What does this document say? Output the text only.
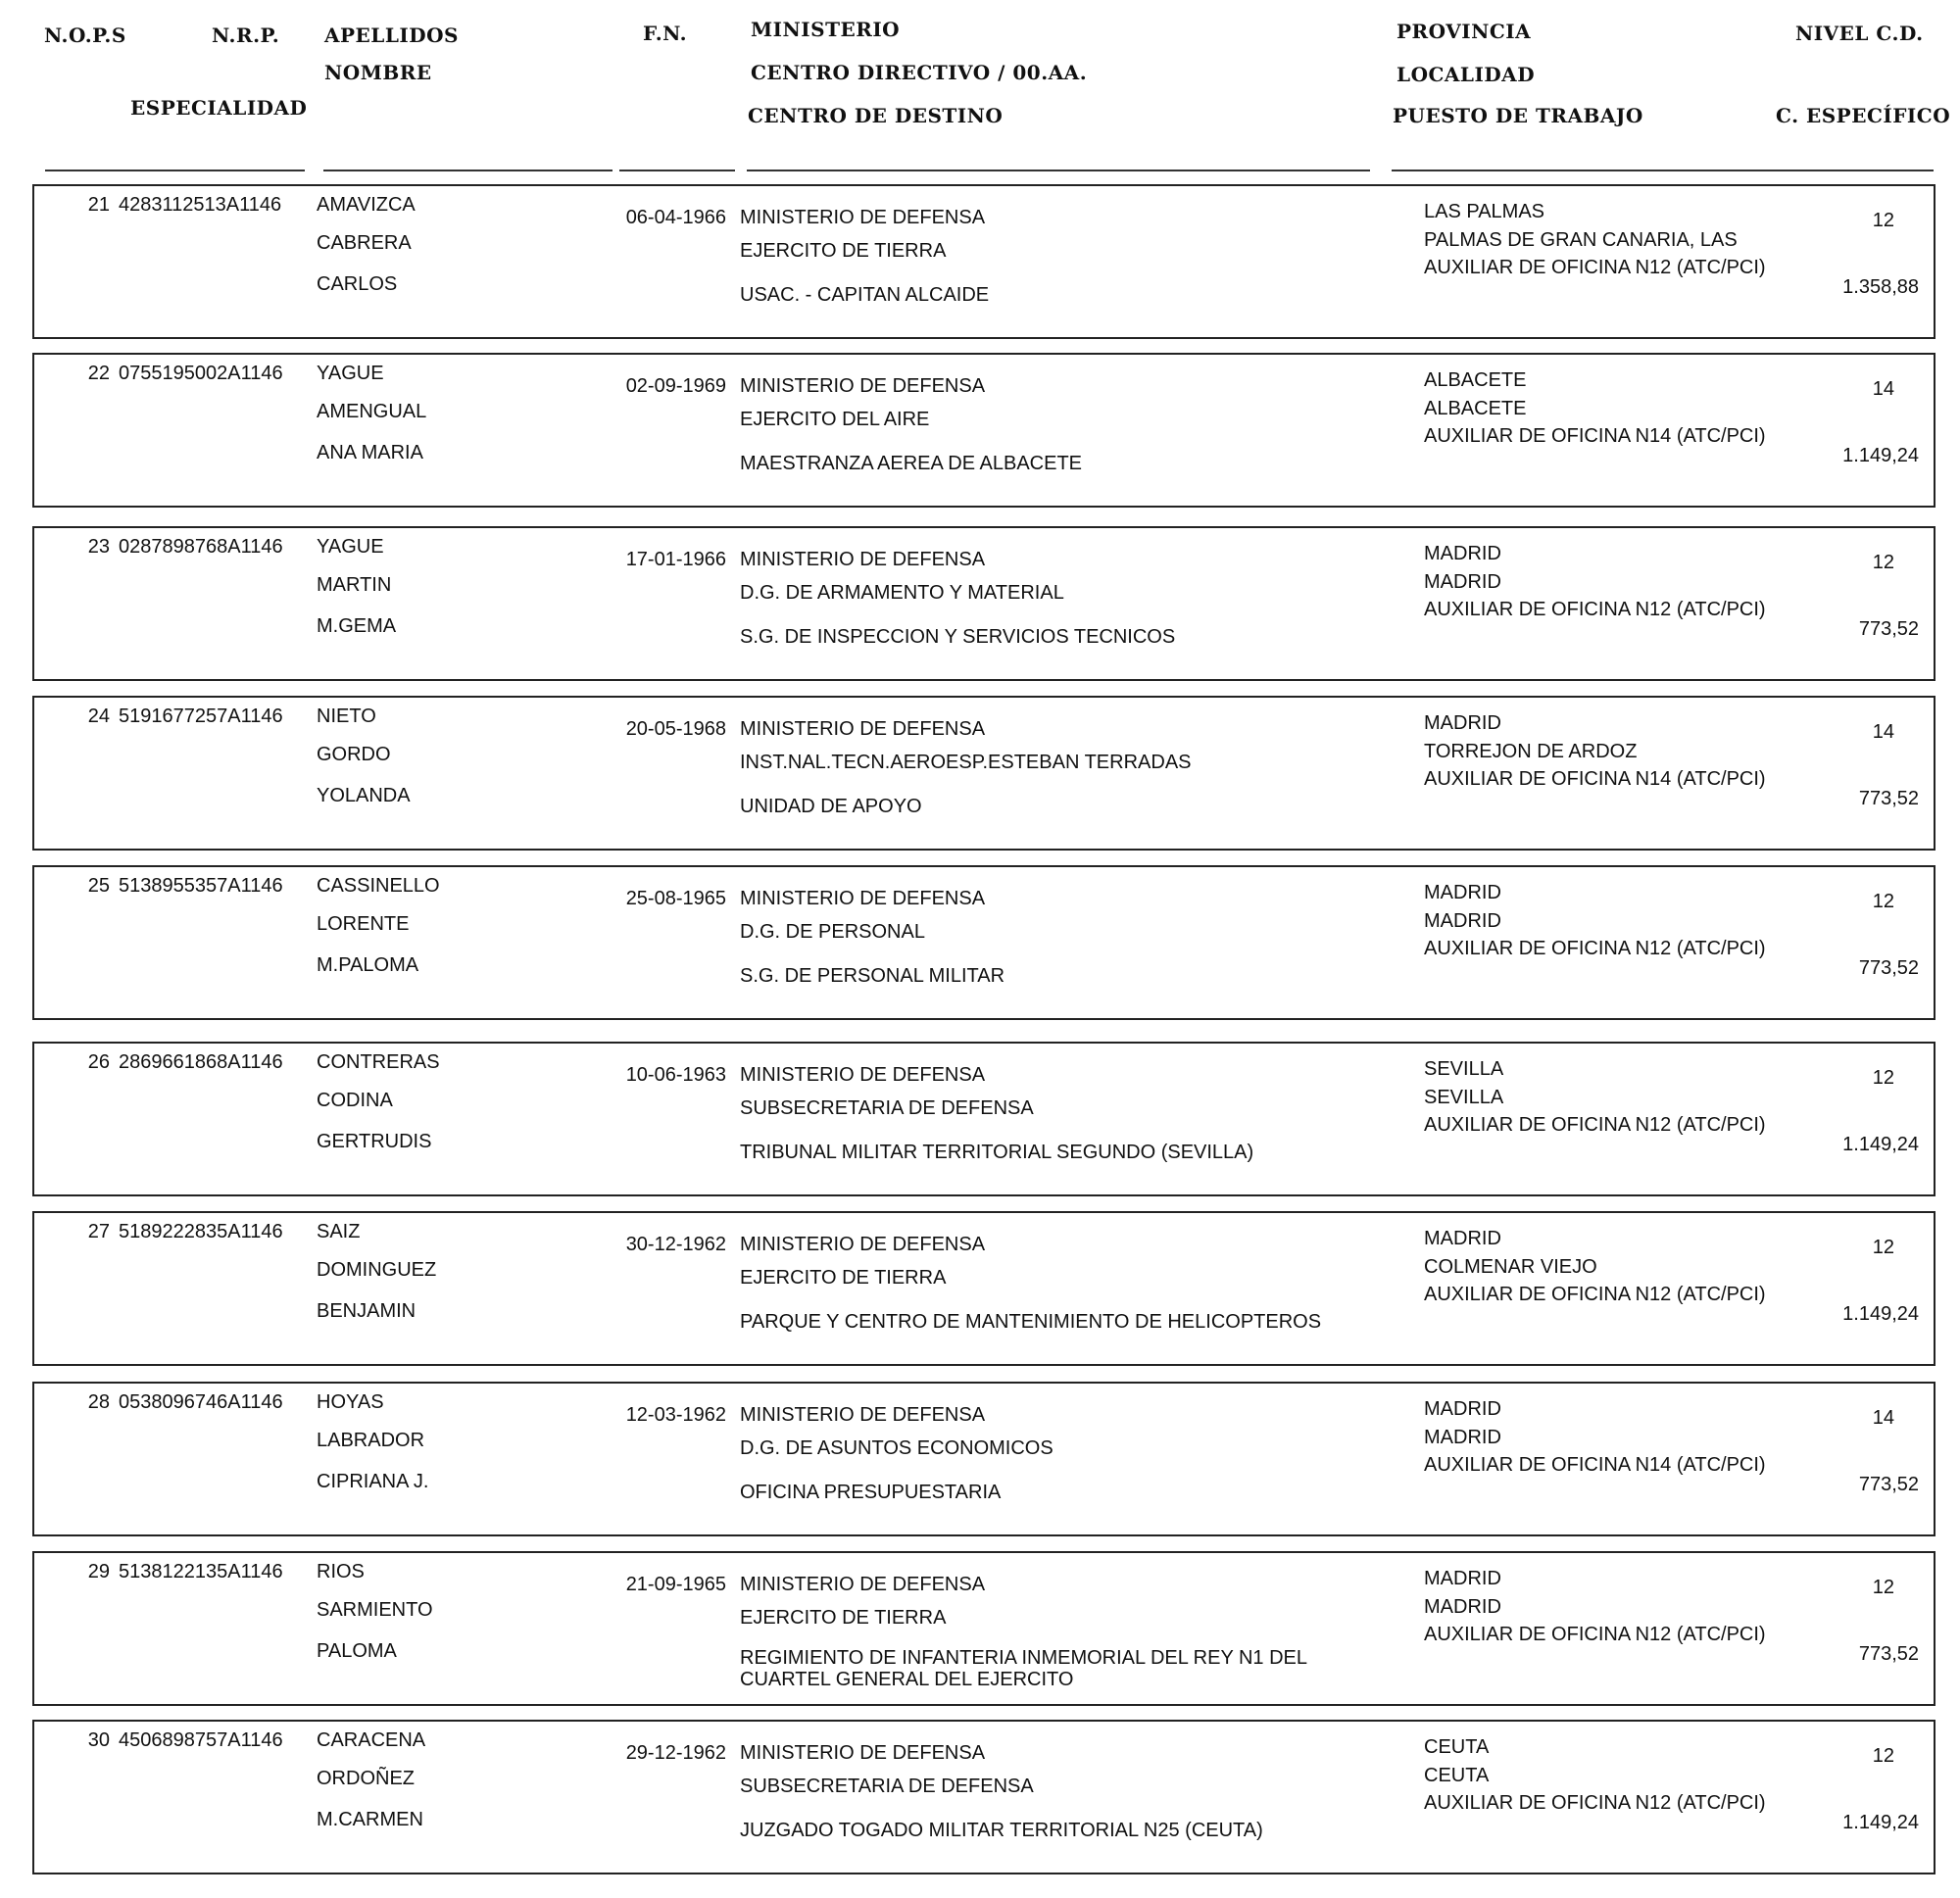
N.O.P.S	N.R.P.
ESPECIALIDAD
APELLIDOS
NOMBRE
F.N.	MINISTERIO
CENTRO DIRECTIVO / 00.AA.
CENTRO DE DESTINO
PROVINCIA
LOCALIDAD
PUESTO DE TRABAJO
NIVEL C.D.
C. ESPECÍFICO
21 4283112513A1146 AMAVIZCA
CABRERA
CARLOS
06-04-1966 MINISTERIO DE DEFENSA
EJERCITO DE TIERRA
USAC. - CAPITAN ALCAIDE
LAS PALMAS
PALMAS DE GRAN CANARIA, LAS
AUXILIAR DE OFICINA N12 (ATC/PCI)
12
1.358,88
22 0755195002A1146 YAGUE
AMENGUAL
ANA MARIA
02-09-1969 MINISTERIO DE DEFENSA
EJERCITO DEL AIRE
MAESTRANZA AEREA DE ALBACETE
ALBACETE
ALBACETE
AUXILIAR DE OFICINA N14 (ATC/PCI)
14
1.149,24
23 0287898768A1146 YAGUE
MARTIN
M.GEMA
17-01-1966 MINISTERIO DE DEFENSA
D.G. DE ARMAMENTO Y MATERIAL
S.G. DE INSPECCION Y SERVICIOS TECNICOS
MADRID
MADRID
AUXILIAR DE OFICINA N12 (ATC/PCI)
12
773,52
24 5191677257A1146 NIETO
GORDO
YOLANDA
20-05-1968 MINISTERIO DE DEFENSA
INST.NAL.TECN.AEROESP.ESTEBAN TERRADAS
UNIDAD DE APOYO
MADRID
TORREJON DE ARDOZ
AUXILIAR DE OFICINA N14 (ATC/PCI)
14
773,52
25 5138955357A1146 CASSINELLO
LORENTE
M.PALOMA
25-08-1965 MINISTERIO DE DEFENSA
D.G. DE PERSONAL
S.G. DE PERSONAL MILITAR
MADRID
MADRID
AUXILIAR DE OFICINA N12 (ATC/PCI)
12
773,52
26 2869661868A1146 CONTRERAS
CODINA
GERTRUDIS
10-06-1963 MINISTERIO DE DEFENSA
SUBSECRETARIA DE DEFENSA
TRIBUNAL MILITAR TERRITORIAL SEGUNDO (SEVILLA)
SEVILLA
SEVILLA
AUXILIAR DE OFICINA N12 (ATC/PCI)
12
1.149,24
27 5189222835A1146 SAIZ
DOMINGUEZ
BENJAMIN
30-12-1962 MINISTERIO DE DEFENSA
EJERCITO DE TIERRA
PARQUE Y CENTRO DE MANTENIMIENTO DE HELICOPTEROS
MADRID
COLMENAR VIEJO
AUXILIAR DE OFICINA N12 (ATC/PCI)
12
1.149,24
28 0538096746A1146 HOYAS
LABRADOR
CIPRIANA J.
12-03-1962 MINISTERIO DE DEFENSA
D.G. DE ASUNTOS ECONOMICOS
OFICINA PRESUPUESTARIA
MADRID
MADRID
AUXILIAR DE OFICINA N14 (ATC/PCI)
14
773,52
29 5138122135A1146 RIOS
SARMIENTO
PALOMA
21-09-1965 MINISTERIO DE DEFENSA
EJERCITO DE TIERRA
REGIMIENTO DE INFANTERIA INMEMORIAL DEL REY N1 DEL CUARTEL GENERAL DEL EJERCITO
MADRID
MADRID
AUXILIAR DE OFICINA N12 (ATC/PCI)
12
773,52
30 4506898757A1146 CARACENA
ORDOÑEZ
M.CARMEN
29-12-1962 MINISTERIO DE DEFENSA
SUBSECRETARIA DE DEFENSA
JUZGADO TOGADO MILITAR TERRITORIAL N25 (CEUTA)
CEUTA
CEUTA
AUXILIAR DE OFICINA N12 (ATC/PCI)
12
1.149,24
